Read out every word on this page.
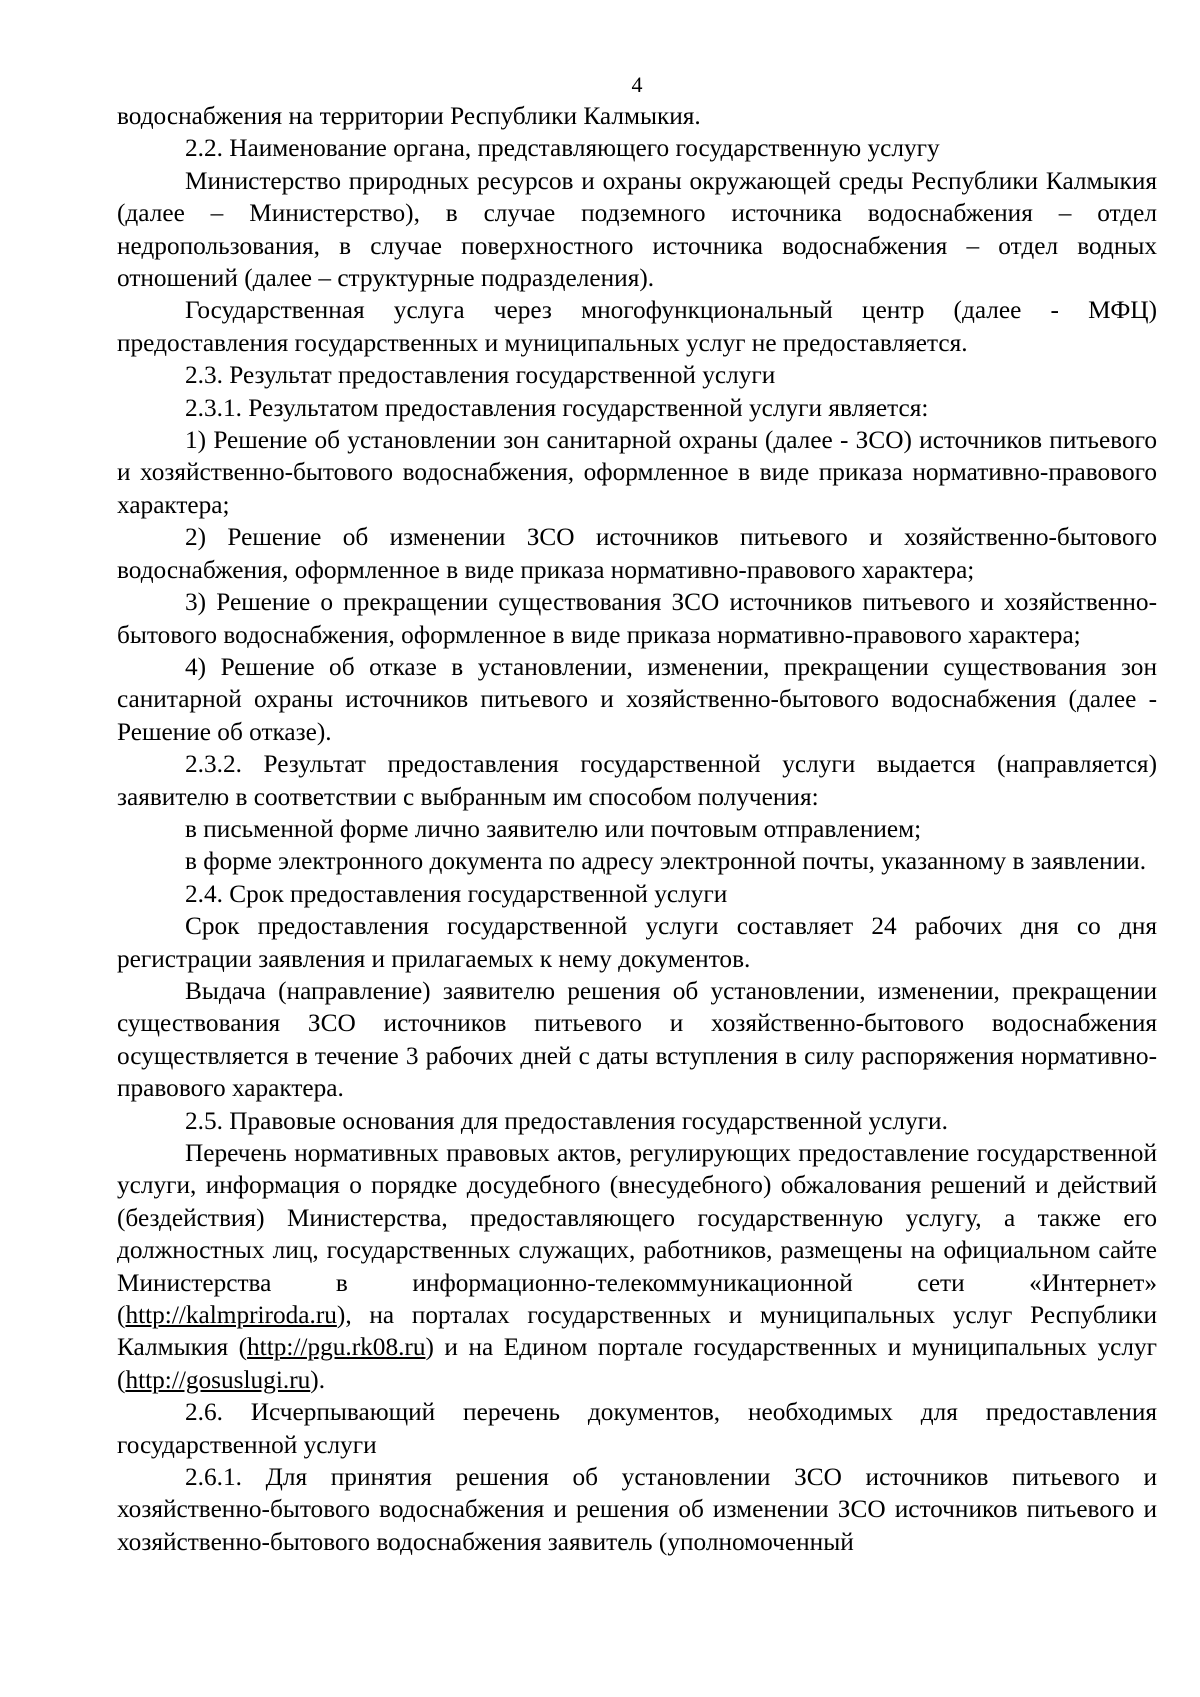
4

водоснабжения на территории Республики Калмыкия.

2.2. Наименование органа, представляющего государственную услугу

Министерство природных ресурсов и охраны окружающей среды Республики Калмыкия (далее – Министерство), в случае подземного источника водоснабжения – отдел недропользования, в случае поверхностного источника водоснабжения – отдел водных отношений (далее – структурные подразделения).

Государственная услуга через многофункциональный центр (далее - МФЦ) предоставления государственных и муниципальных услуг не предоставляется.

2.3. Результат предоставления государственной услуги

2.3.1. Результатом предоставления государственной услуги является:

1) Решение об установлении зон санитарной охраны (далее - ЗСО) источников питьевого и хозяйственно-бытового водоснабжения, оформленное в виде приказа нормативно-правового характера;

2) Решение об изменении ЗСО источников питьевого и хозяйственно-бытового водоснабжения, оформленное в виде приказа нормативно-правового характера;

3) Решение о прекращении существования ЗСО источников питьевого и хозяйственно-бытового водоснабжения, оформленное в виде приказа нормативно-правового характера;

4) Решение об отказе в установлении, изменении, прекращении существования зон санитарной охраны источников питьевого и хозяйственно-бытового водоснабжения (далее - Решение об отказе).

2.3.2. Результат предоставления государственной услуги выдается (направляется) заявителю в соответствии с выбранным им способом получения:

в письменной форме лично заявителю или почтовым отправлением;

в форме электронного документа по адресу электронной почты, указанному в заявлении.

2.4. Срок предоставления государственной услуги

Срок предоставления государственной услуги составляет 24 рабочих дня со дня регистрации заявления и прилагаемых к нему документов.

Выдача (направление) заявителю решения об установлении, изменении, прекращении существования ЗСО источников питьевого и хозяйственно-бытового водоснабжения осуществляется в течение 3 рабочих дней с даты вступления в силу распоряжения нормативно-правового характера.

2.5. Правовые основания для предоставления государственной услуги.

Перечень нормативных правовых актов, регулирующих предоставление государственной услуги, информация о порядке досудебного (внесудебного) обжалования решений и действий (бездействия) Министерства, предоставляющего государственную услугу, а также его должностных лиц, государственных служащих, работников, размещены на официальном сайте Министерства в информационно-телекоммуникационной сети «Интернет» (http://kalmpriroda.ru), на порталах государственных и муниципальных услуг Республики Калмыкия (http://pgu.rk08.ru) и на Едином портале государственных и муниципальных услуг (http://gosuslugi.ru).

2.6. Исчерпывающий перечень документов, необходимых для предоставления государственной услуги

2.6.1. Для принятия решения об установлении ЗСО источников питьевого и хозяйственно-бытового водоснабжения и решения об изменении ЗСО источников питьевого и хозяйственно-бытового водоснабжения заявитель (уполномоченный
